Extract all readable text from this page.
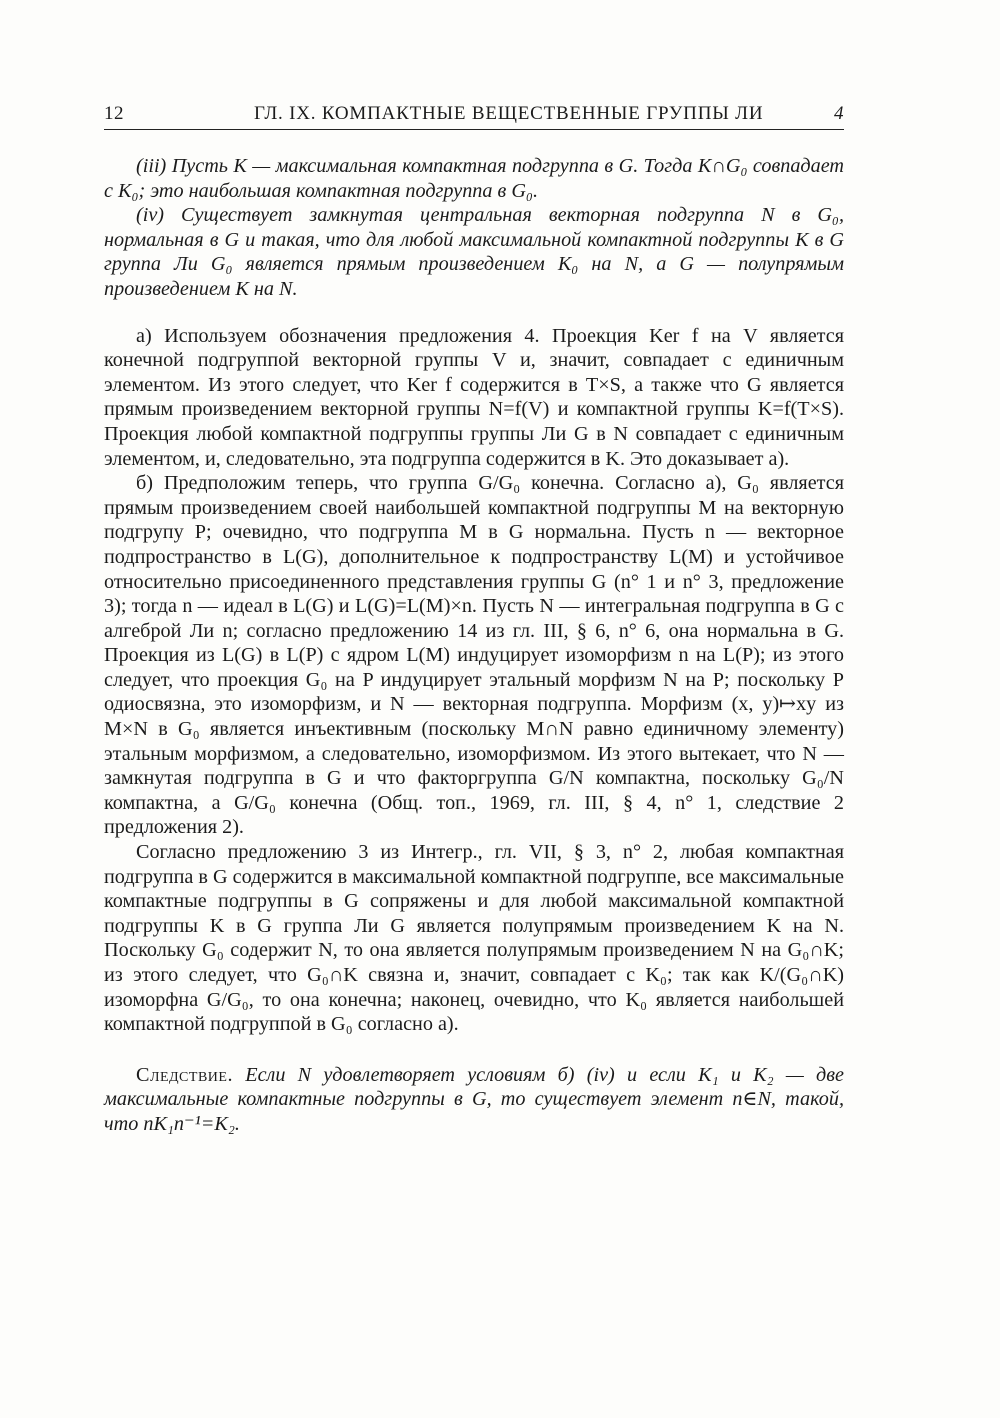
12	ГЛ. IX. КОМПАКТНЫЕ ВЕЩЕСТВЕННЫЕ ГРУППЫ ЛИ	4

(iii) Пусть K — максимальная компактная подгруппа в G. Тогда K∩G₀ совпадает с K₀; это наибольшая компактная подгруппа в G₀.

(iv) Существует замкнутая центральная векторная подгруппа N в G₀, нормальная в G и такая, что для любой максимальной компактной подгруппы K в G группа Ли G₀ является прямым произведением K₀ на N, а G — полупрямым произведением K на N.

а) Используем обозначения предложения 4. Проекция Ker f на V является конечной подгруппой векторной группы V и, значит, совпадает с единичным элементом. Из этого следует, что Ker f содержится в T×S, а также что G является прямым произведением векторной группы N=f(V) и компактной группы K=f(T×S). Проекция любой компактной подгруппы группы Ли G в N совпадает с единичным элементом, и, следовательно, эта подгруппа содержится в K. Это доказывает а).

б) Предположим теперь, что группа G/G₀ конечна. Согласно а), G₀ является прямым произведением своей наибольшей компактной подгруппы M на векторную подгрупу P; очевидно, что подгруппа M в G нормальна. Пусть n — векторное подпространство в L(G), дополнительное к подпространству L(M) и устойчивое относительно присоединенного представления группы G (n° 1 и n° 3, предложение 3); тогда n — идеал в L(G) и L(G)=L(M)×n. Пусть N — интегральная подгруппа в G с алгеброй Ли n; согласно предложению 14 из гл. III, § 6, n° 6, она нормальна в G. Проекция из L(G) в L(P) с ядром L(M) индуцирует изоморфизм n на L(P); из этого следует, что проекция G₀ на P индуцирует этальный морфизм N на P; поскольку P одиосвязна, это изоморфизм, и N — векторная подгруппа. Морфизм (x, y)↦xy из M×N в G₀ является инъективным (поскольку M∩N равно единичному элементу) этальным морфизмом, а следовательно, изоморфизмом. Из этого вытекает, что N — замкнутая подгруппа в G и что факторгруппа G/N компактна, поскольку G₀/N компактна, а G/G₀ конечна (Общ. топ., 1969, гл. III, § 4, n° 1, следствие 2 предложения 2).

Согласно предложению 3 из Интегр., гл. VII, § 3, n° 2, любая компактная подгруппа в G содержится в максимальной компактной подгруппе, все максимальные компактные подгруппы в G сопряжены и для любой максимальной компактной подгруппы K в G группа Ли G является полупрямым произведением K на N. Поскольку G₀ содержит N, то она является полупрямым произведением N на G₀∩K; из этого следует, что G₀∩K связна и, значит, совпадает с K₀; так как K/(G₀∩K) изоморфна G/G₀, то она конечна; наконец, очевидно, что K₀ является наибольшей компактной подгруппой в G₀ согласно а).

Следствие. Если N удовлетворяет условиям б) (iv) и если K₁ и K₂ — две максимальные компактные подгруппы в G, то существует элемент n∈N, такой, что nK₁n⁻¹=K₂.
